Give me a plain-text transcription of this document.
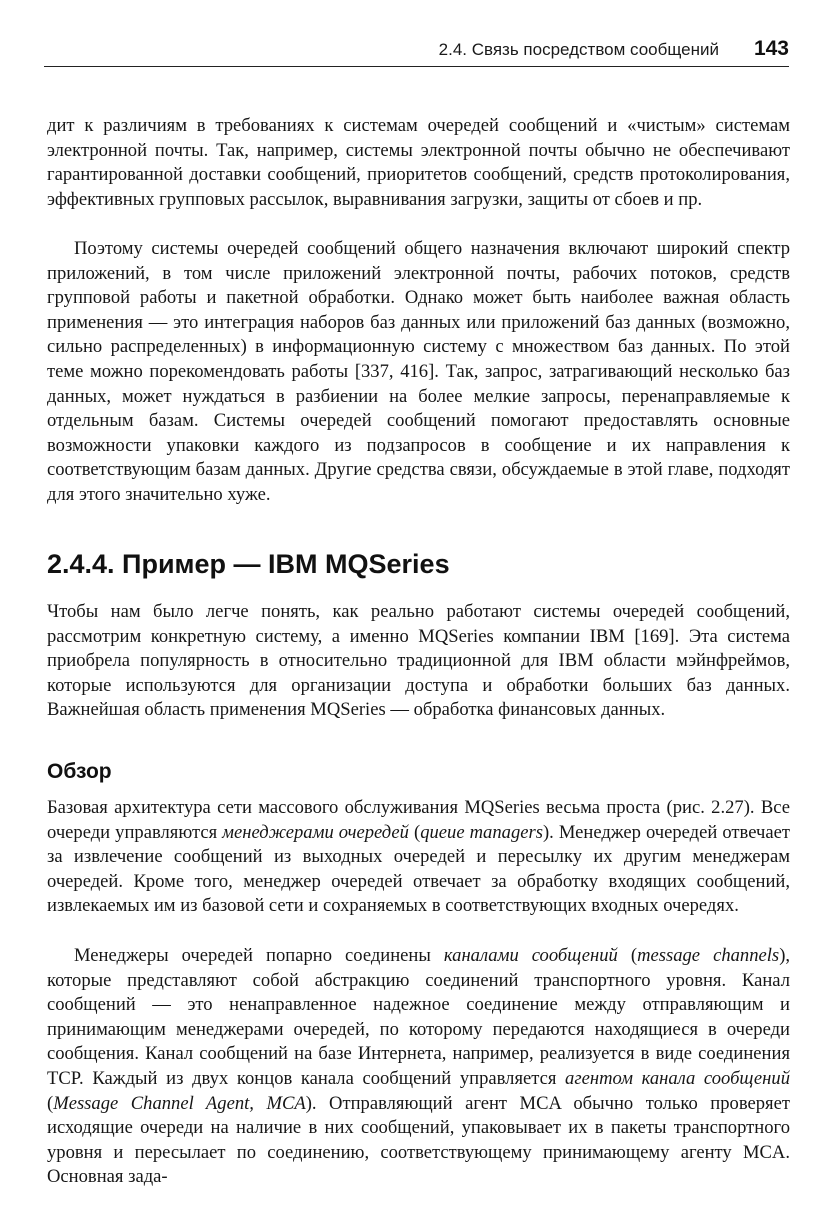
2.4. Связь посредством сообщений 143

дит к различиям в требованиях к системам очередей сообщений и «чистым» системам электронной почты. Так, например, системы электронной почты обычно не обеспечивают гарантированной доставки сообщений, приоритетов сообщений, средств протоколирования, эффективных групповых рассылок, выравнивания загрузки, защиты от сбоев и пр.

Поэтому системы очередей сообщений общего назначения включают широкий спектр приложений, в том числе приложений электронной почты, рабочих потоков, средств групповой работы и пакетной обработки. Однако может быть наиболее важная область применения — это интеграция наборов баз данных или приложений баз данных (возможно, сильно распределенных) в информационную систему с множеством баз данных. По этой теме можно порекомендовать работы [337, 416]. Так, запрос, затрагивающий несколько баз данных, может нуждаться в разбиении на более мелкие запросы, перенаправляемые к отдельным базам. Системы очередей сообщений помогают предоставлять основные возможности упаковки каждого из подзапросов в сообщение и их направления к соответствующим базам данных. Другие средства связи, обсуждаемые в этой главе, подходят для этого значительно хуже.

2.4.4. Пример — IBM MQSeries

Чтобы нам было легче понять, как реально работают системы очередей сообщений, рассмотрим конкретную систему, а именно MQSeries компании IBM [169]. Эта система приобрела популярность в относительно традиционной для IBM области мэйнфреймов, которые используются для организации доступа и обработки больших баз данных. Важнейшая область применения MQSeries — обработка финансовых данных.

Обзор

Базовая архитектура сети массового обслуживания MQSeries весьма проста (рис. 2.27). Все очереди управляются менеджерами очередей (queue managers). Менеджер очередей отвечает за извлечение сообщений из выходных очередей и пересылку их другим менеджерам очередей. Кроме того, менеджер очередей отвечает за обработку входящих сообщений, извлекаемых им из базовой сети и сохраняемых в соответствующих входных очередях.

Менеджеры очередей попарно соединены каналами сообщений (message channels), которые представляют собой абстракцию соединений транспортного уровня. Канал сообщений — это ненаправленное надежное соединение между отправляющим и принимающим менеджерами очередей, по которому передаются находящиеся в очереди сообщения. Канал сообщений на базе Интернета, например, реализуется в виде соединения TCP. Каждый из двух концов канала сообщений управляется агентом канала сообщений (Message Channel Agent, MCA). Отправляющий агент MCA обычно только проверяет исходящие очереди на наличие в них сообщений, упаковывает их в пакеты транспортного уровня и пересылает по соединению, соответствующему принимающему агенту MCA. Основная зада-
